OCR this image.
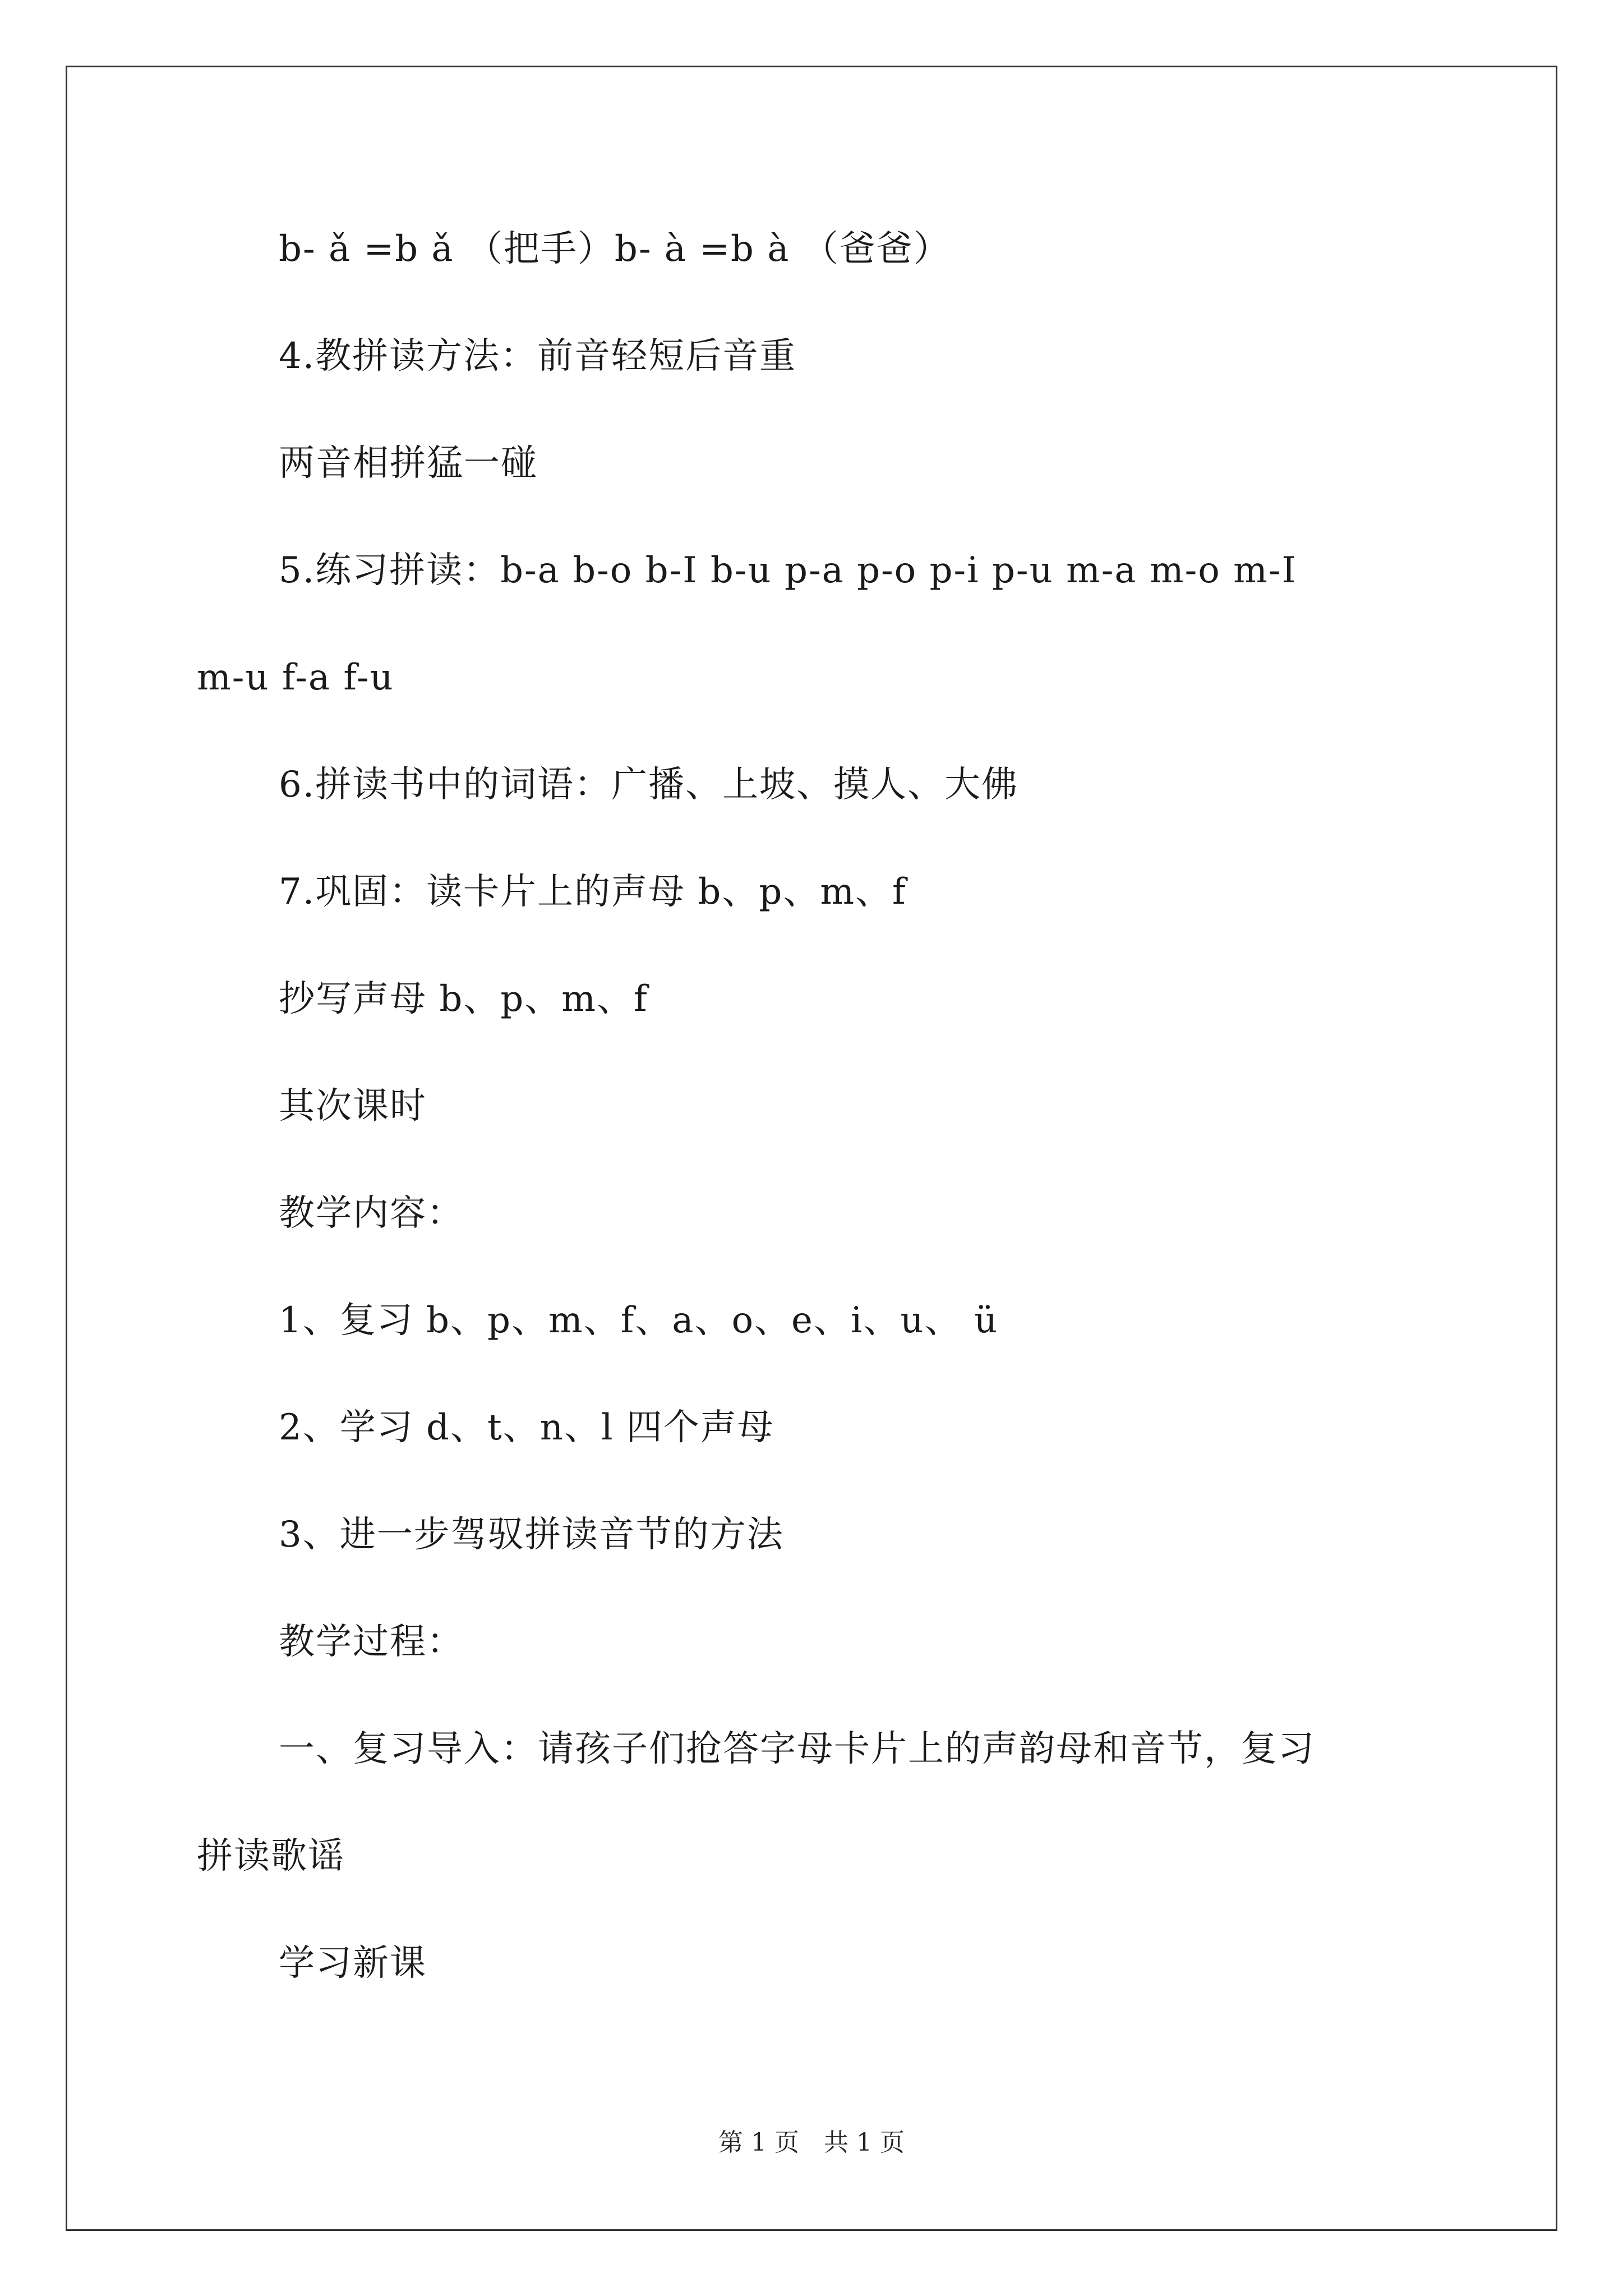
b- ǎ =b ǎ （把手）b- à =b à （爸爸）
4.教拼读方法：前音轻短后音重
两音相拼猛一碰
5.练习拼读：b-a b-o b-I b-u p-a p-o p-i p-u m-a m-o m-I
m-u f-a f-u
6.拼读书中的词语：广播、上坡、摸人、大佛
7.巩固：读卡片上的声母 b、p、m、f
抄写声母 b、p、m、f
其次课时
教学内容：
1、复习 b、p、m、f、a、o、e、i、u、 ü
2、学习 d、t、n、l 四个声母
3、进一步驾驭拼读音节的方法
教学过程：
一、复习导入：请孩子们抢答字母卡片上的声韵母和音节，复习
拼读歌谣
学习新课
第 1 页　共 1 页
